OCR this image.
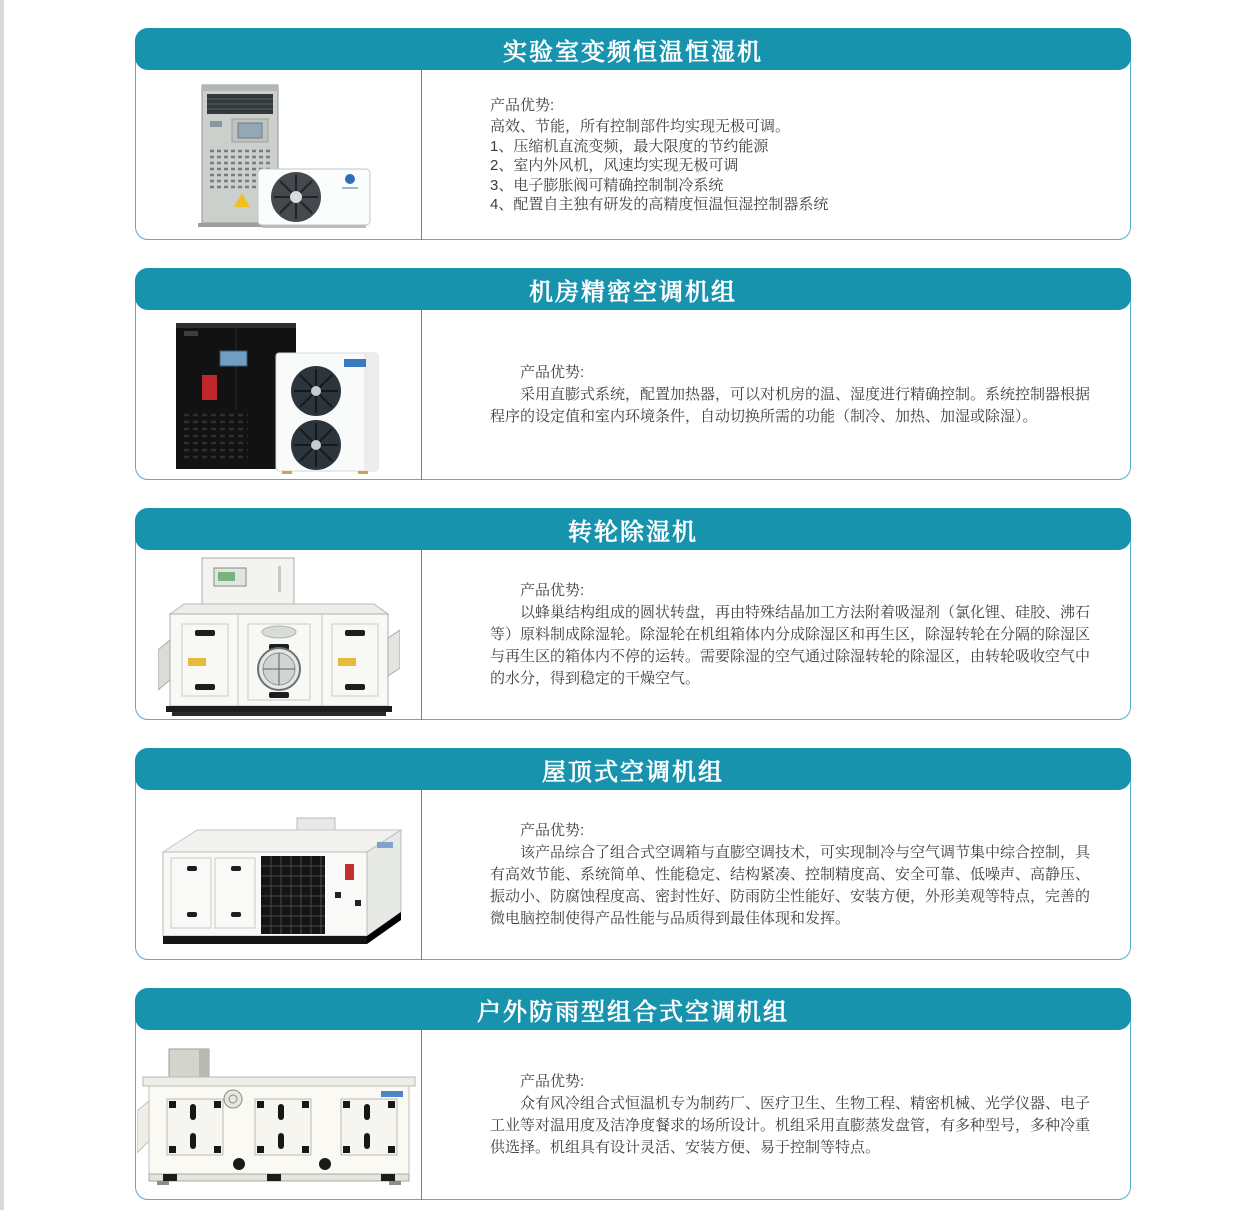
实验室变频恒温恒湿机
产品优势:
高效、节能，所有控制部件均实现无极可调。
1、压缩机直流变频，最大限度的节约能源
2、室内外风机，风速均实现无极可调
3、电子膨胀阀可精确控制制冷系统
4、配置自主独有研发的高精度恒温恒湿控制器系统
机房精密空调机组
产品优势:

采用直膨式系统，配置加热器，可以对机房的温、湿度进行精确控制。系统控制器根据程序的设定值和室内环境条件，自动切换所需的功能（制冷、加热、加湿或除湿）。

转轮除湿机
产品优势:

以蜂巢结构组成的圆状转盘，再由特殊结晶加工方法附着吸湿剂（氯化锂、硅胶、沸石等）原料制成除湿轮。除湿轮在机组箱体内分成除湿区和再生区，除湿转轮在分隔的除湿区与再生区的箱体内不停的运转。需要除湿的空气通过除湿转轮的除湿区，由转轮吸收空气中的水分，得到稳定的干燥空气。

屋顶式空调机组
产品优势:

该产品综合了组合式空调箱与直膨空调技术，可实现制冷与空气调节集中综合控制，具有高效节能、系统简单、性能稳定、结构紧凑、控制精度高、安全可靠、低噪声、高静压、振动小、防腐蚀程度高、密封性好、防雨防尘性能好、安装方便，外形美观等特点，完善的微电脑控制使得产品性能与品质得到最佳体现和发挥。

户外防雨型组合式空调机组
产品优势:

众有风冷组合式恒温机专为制药厂、医疗卫生、生物工程、精密机械、光学仪器、电子工业等对温用度及洁净度餐求的场所设计。机组采用直膨蒸发盘管，有多种型号，多种冷重供选择。机组具有设计灵活、安装方便、易于控制等特点。
